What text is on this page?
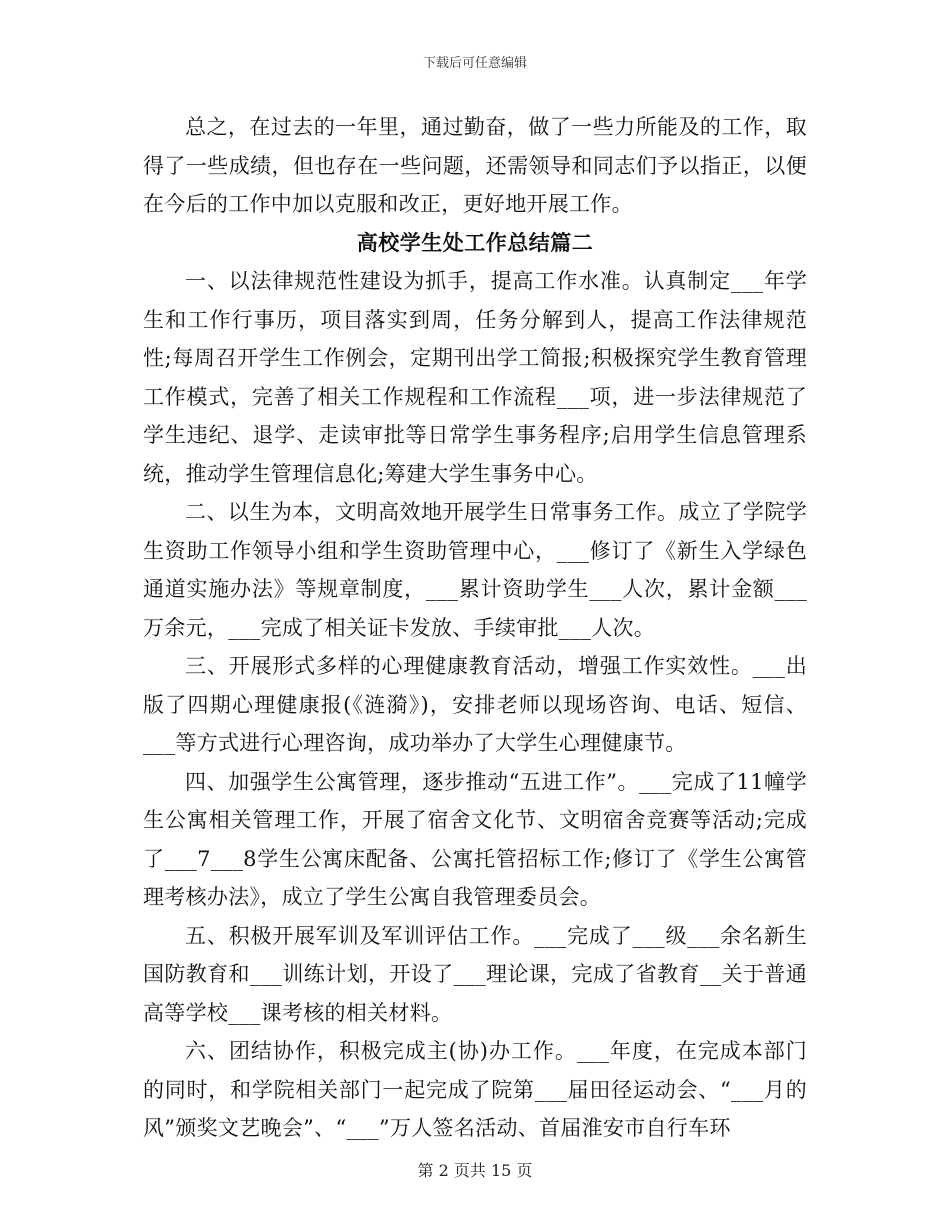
下载后可任意编辑

总之，在过去的一年里，通过勤奋，做了一些力所能及的工作，取得了一些成绩，但也存在一些问题，还需领导和同志们予以指正，以便在今后的工作中加以克服和改正，更好地开展工作。

高校学生处工作总结篇二

一、以法律规范性建设为抓手，提高工作水准。认真制定___年学生和工作行事历，项目落实到周，任务分解到人，提高工作法律规范性;每周召开学生工作例会，定期刊出学工简报;积极探究学生教育管理工作模式，完善了相关工作规程和工作流程___项，进一步法律规范了学生违纪、退学、走读审批等日常学生事务程序;启用学生信息管理系统，推动学生管理信息化;筹建大学生事务中心。

二、以生为本，文明高效地开展学生日常事务工作。成立了学院学生资助工作领导小组和学生资助管理中心，___修订了《新生入学绿色通道实施办法》等规章制度，___累计资助学生___人次，累计金额___万余元，___完成了相关证卡发放、手续审批___人次。

三、开展形式多样的心理健康教育活动，增强工作实效性。___出版了四期心理健康报(《涟漪》)，安排老师以现场咨询、电话、短信、___等方式进行心理咨询，成功举办了大学生心理健康节。

四、加强学生公寓管理，逐步推动“五进工作”。___完成了11幢学生公寓相关管理工作，开展了宿舍文化节、文明宿舍竞赛等活动;完成了___7___8学生公寓床配备、公寓托管招标工作;修订了《学生公寓管理考核办法》，成立了学生公寓自我管理委员会。

五、积极开展军训及军训评估工作。___完成了___级___余名新生国防教育和___训练计划，开设了___理论课，完成了省教育__关于普通高等学校___课考核的相关材料。

六、团结协作，积极完成主(协)办工作。___年度，在完成本部门的同时，和学院相关部门一起完成了院第___届田径运动会、“___月的风”颁奖文艺晚会”、“___”万人签名活动、首届淮安市自行车环

第 2 页共 15 页
